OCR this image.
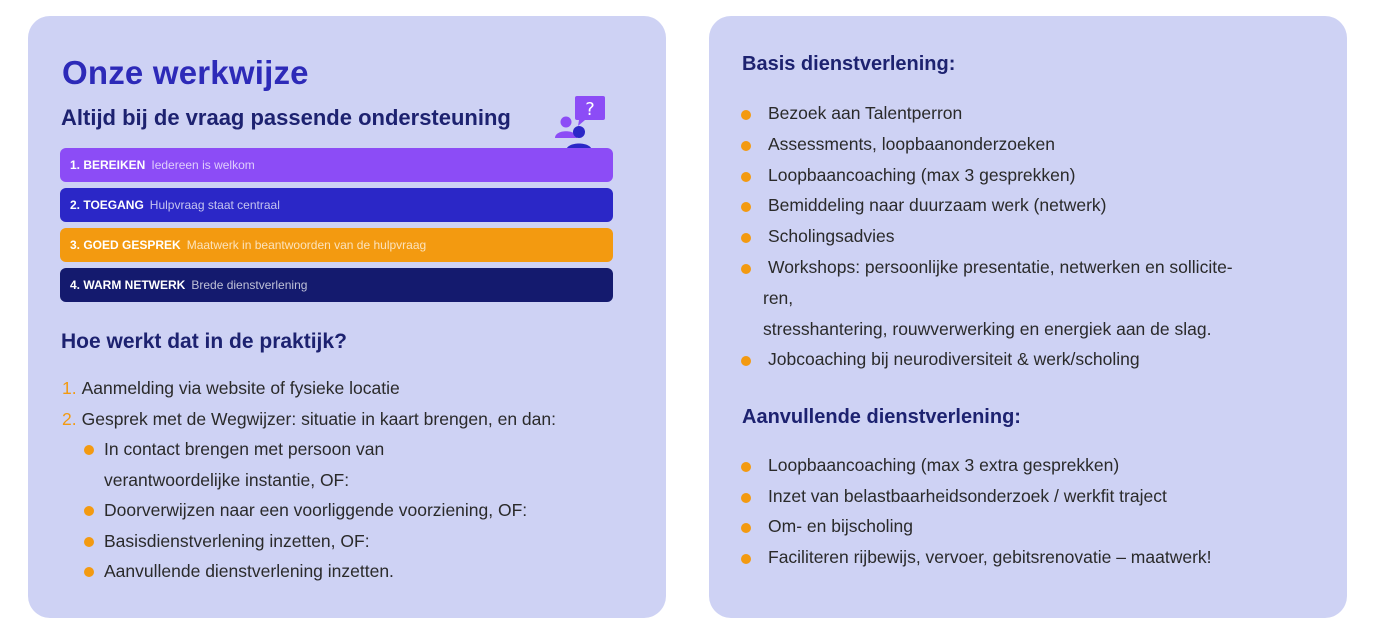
Onze werkwijze
Altijd bij de vraag passende ondersteuning	?
1. BEREIKEN Iedereen is welkom
2. TOEGANG Hulpvraag staat centraal
3. GOED GESPREK Maatwerk in beantwoorden van de hulpvraag
4. WARM NETWERK Brede dienstverlening
Hoe werkt dat in de praktijk?
1. Aanmelding via website of fysieke locatie
2. Gesprek met de Wegwijzer: situatie in kaart brengen, en dan:
In contact brengen met persoon van
verantwoordelijke instantie, OF:
Doorverwijzen naar een voorliggende voorziening, OF:
Basisdienstverlening inzetten, OF:
Aanvullende dienstverlening inzetten.
Basis dienstverlening:
Bezoek aan Talentperron
Assessments, loopbaanonderzoeken
Loopbaancoaching (max 3 gesprekken)
Bemiddeling naar duurzaam werk (netwerk)
Scholingsadvies
Workshops: persoonlijke presentatie, netwerken en sollicite-
ren,
stresshantering, rouwverwerking en energiek aan de slag.
Jobcoaching bij neurodiversiteit & werk/scholing
Aanvullende dienstverlening:
Loopbaancoaching (max 3 extra gesprekken)
Inzet van belastbaarheidsonderzoek / werkfit traject
Om- en bijscholing
Faciliteren rijbewijs, vervoer, gebitsrenovatie – maatwerk!
